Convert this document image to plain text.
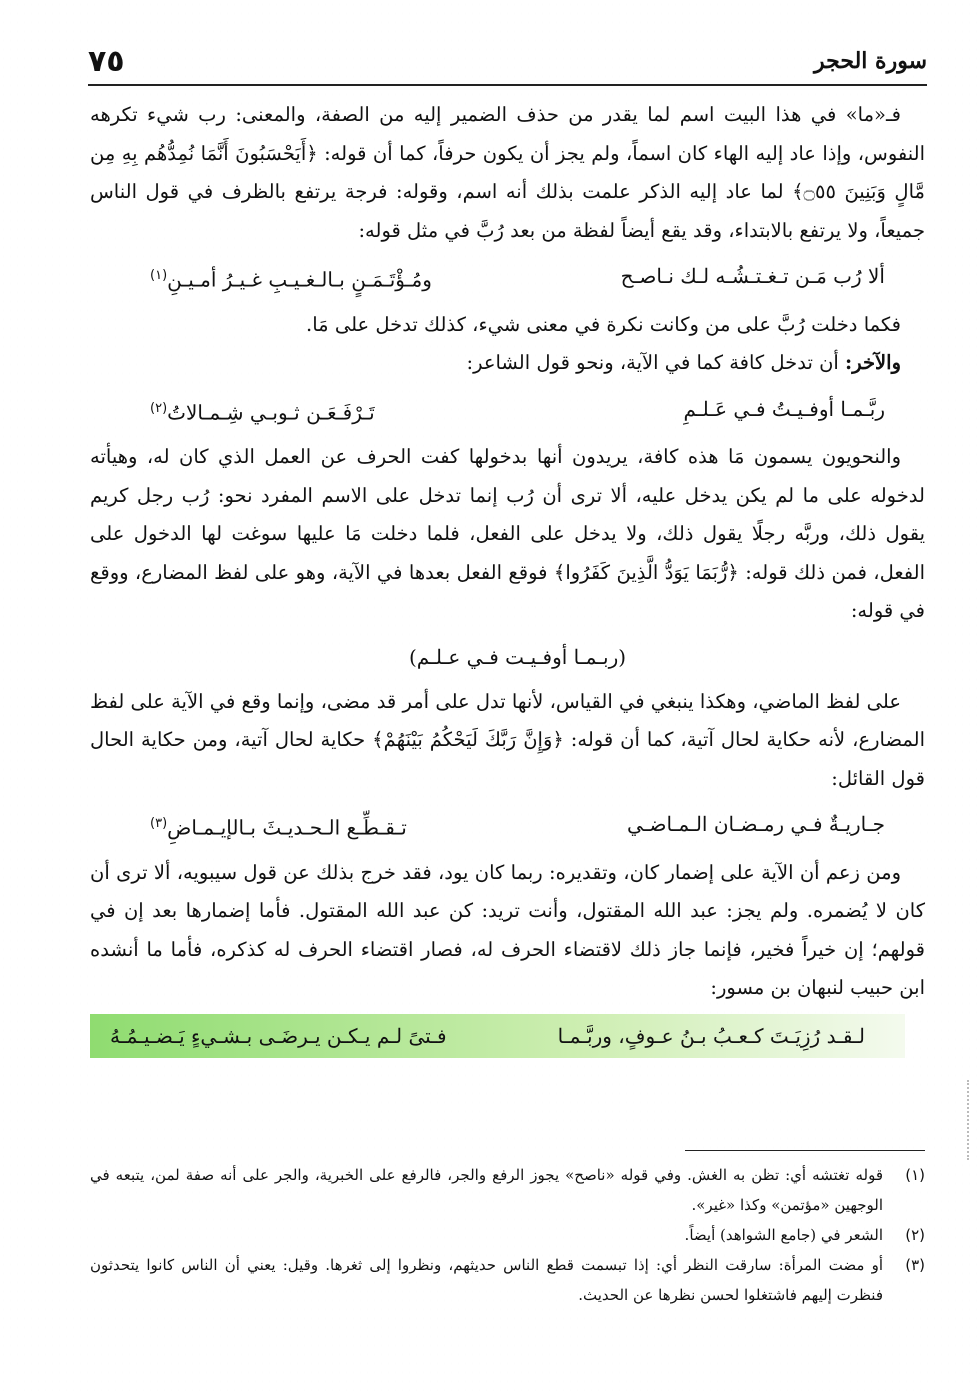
٧٥	سورة الحجر

فـ«ما» في هذا البيت اسم لما يقدر من حذف الضمير إليه من الصفة، والمعنى: رب شيء تكرهه النفوس، وإذا عاد إليه الهاء كان اسماً، ولم يجز أن يكون حرفاً، كما أن قوله: ﴿أَيَحْسَبُونَ أَنَّمَا نُمِدُّهُم بِهِ مِن مَّالٍ وَبَنِينَ ۝٥٥﴾ لما عاد إليه الذكر علمت بذلك أنه اسم، وقوله: فرجة يرتفع بالظرف في قول الناس جميعاً، ولا يرتفع بالابتداء، وقد يقع أيضاً لفظة من بعد رُبَّ في مثل قوله:

ألا رُب مَـن تـغـتـشُـه لـك نـاصـح
ومُـؤْتَـمَـنٍ بـالـغـيـبِ غـيـرُ أمـيـنِ$^{(١)}$

فكما دخلت رُبَّ على من وكانت نكرة في معنى شيء، كذلك تدخل على مَا.

والآخر: أن تدخل كافة كما في الآية، ونحو قول الشاعر:

ربَّـمـا أوفـيـتُ فـي عَـلـمِ
تَـرْفَـعَـن ثـوبـي شِـمـالاتُ$^{(٢)}$

والنحويون يسمون مَا هذه كافة، يريدون أنها بدخولها كفت الحرف عن العمل الذي كان له، وهيأته لدخوله على ما لم يكن يدخل عليه، ألا ترى أن رُب إنما تدخل على الاسم المفرد نحو: رُب رجل كريم يقول ذلك، وربَّه رجلًا يقول ذلك، ولا يدخل على الفعل، فلما دخلت مَا عليها سوغت لها الدخول على الفعل، فمن ذلك قوله: ﴿رُّبَمَا يَوَدُّ الَّذِينَ كَفَرُوا﴾ فوقع الفعل بعدها في الآية، وهو على لفظ المضارع، ووقع في قوله:

(ربـمـا أوفـيـت فـي عـلـم)

على لفظ الماضي، وهكذا ينبغي في القياس، لأنها تدل على أمر قد مضى، وإنما وقع في الآية على لفظ المضارع، لأنه حكاية لحال آتية، كما أن قوله: ﴿وَإِنَّ رَبَّكَ لَيَحْكُمُ بَيْنَهُمْ﴾ حكاية لحال آتية، ومن حكاية الحال قول القائل:

جـاريـةٌ فـي رمـضـان الـمـاضـي
تـقـطِّـع الـحـديـثَ بـالإيـمـاضِ$^{(٣)}$

ومن زعم أن الآية على إضمار كان، وتقديره: ربما كان يود، فقد خرج بذلك عن قول سيبويه، ألا ترى أن كان لا يُضمره. ولم يجز: عبد الله المقتول، وأنت تريد: كن عبد الله المقتول. فأما إضمارها بعد إن في قولهم؛ إن خيراً فخير، فإنما جاز ذلك لاقتضاء الحرف له، فصار اقتضاء الحرف له كذكره، فأما ما أنشده ابن حبيب لنبهان بن مسور:

لـقـد رُزِيَـتَ كـعـبُ بـنُ عـوفٍ، وربَّـمـا
فـتىً لـم يـكـن يـرضَـى بـشـيءٍ يَـضـيـمُـهُ
(١)
قوله تغتشه أي: تظن به الغش. وفي قوله «ناصح» يجوز الرفع والجر، فالرفع على الخبرية، والجر على أنه صفة لمن، يتبعه في الوجهين «مؤتمن» وكذا «غير».
(٢)
الشعر في (جامع الشواهد) أيضاً.
(٣)
أو مضت المرأة: سارقت النظر أي: إذا تبسمت قطع الناس حديثهم، ونظروا إلى ثغرها. وقيل: يعني أن الناس كانوا يتحدثون فنظرت إليهم فاشتغلوا لحسن نظرها عن الحديث.
